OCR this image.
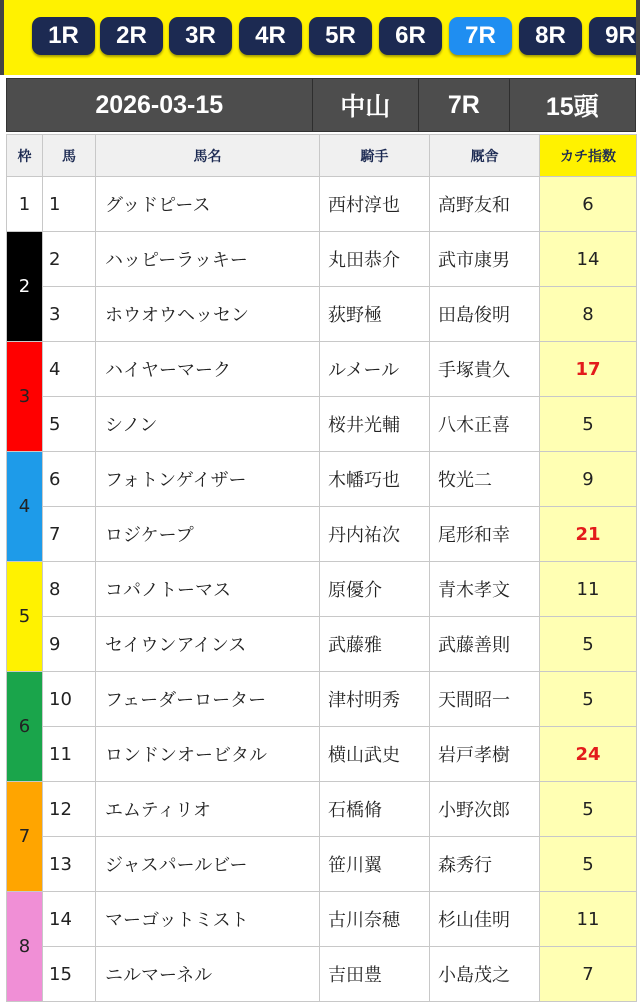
1R	2R	3R	4R	5R	6R	7R	8R	9R
2026-03-15	中山	7R	15頭
枠	馬	馬名	騎手	厩舎	カチ指数
1	1	グッドピース	西村淳也	高野友和	6
2	2	ハッピーラッキー	丸田恭介	武市康男	14
	3	ホウオウヘッセン	荻野極	田島俊明	8
3	4	ハイヤーマーク	ルメール	手塚貴久	17
	5	シノン	桜井光輔	八木正喜	5
4	6	フォトンゲイザー	木幡巧也	牧光二	9
	7	ロジケープ	丹内祐次	尾形和幸	21
5	8	コパノトーマス	原優介	青木孝文	11
	9	セイウンアインス	武藤雅	武藤善則	5
6	10	フェーダーローター	津村明秀	天間昭一	5
	11	ロンドンオービタル	横山武史	岩戸孝樹	24
7	12	エムティリオ	石橋脩	小野次郎	5
	13	ジャスパールビー	笹川翼	森秀行	5
8	14	マーゴットミスト	古川奈穂	杉山佳明	11
	15	ニルマーネル	吉田豊	小島茂之	7
